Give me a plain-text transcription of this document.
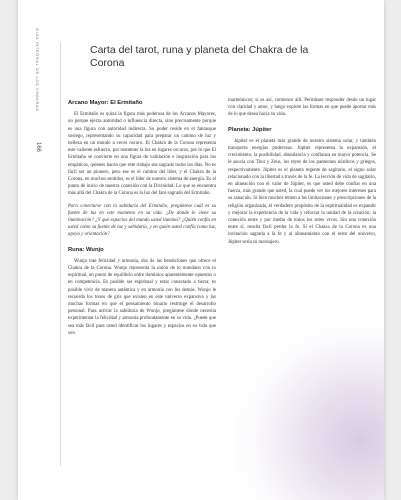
GUÍA INTEGRAL DE LOS CHAKRAS
166
Carta del tarot, runa y planeta del Chakra de la Corona
Arcano Mayor: El Ermitaño

El Ermitaño es quizá la figura más poderosa de los Arcanos Mayores, no porque ejerza autoridad o influencia directa, sino precisamente porque es una figura con autoridad indirecta. Su poder reside en el fantasque sosiego, representando su capacidad para preparar un camino de luz y belleza en un mundo a veces oscuro. El Chakra de la Corona representa este valiente esfuerzo, por mantener la luz en lugares oscuros, por lo que El Ermitaño se convierte en una figura de validación e inspiración para los empáticos, quienes hacen que este trabajo sea sagrado todos los días. No es fácil ser un pionero, pero ese es el camino del líder, y el Chakra de la Corona, en muchos sentidos, es el líder de nuestro sistema de energía. Es el punto de inicio de nuestra conexión con la Divinidad. Lo que se encuentra más allá del Chakra de la Corona es la luz del faro sagrado del Ermitaño.

Para conectarse con la sabiduría del Ermitaño, pregúntese cuál es su fuente de luz en este momento en su vida. ¿De dónde le viene su iluminación? ¿Y qué espacios del mundo usted ilumina? ¿Quién confía en usted como su fuente de luz y sabiduría, y en quién usted confía como luz, apoyo y orientación?

Runa: Wunjo

Wunjo trae felicidad y armonía, dos de las bendiciones que ofrece el Chakra de la Corona. Wunjo representa la unión de lo mundano con lo espiritual, un punto de equilibrio entre dominios aparentemente opuestos o en competencia. Es posible ser espiritual y estar conectado a tierra; es posible vivir de manera auténtica y en armonía con los demás. Wunjo le recuerda los tonos de gris que existen en este universo expansivo y las muchas formas en que el pensamiento binario restringe el desarrollo personal. Para activar la sabiduría de Wunjo, pregúntese dónde necesita experimentar la felicidad y armonía profundamente en su vida. ¿Puede que sea más fácil para usted identificar los lugares y espacios en su vida que son

inarmónicos; si es así, comience allí. Permítase responder desde un lugar con claridad y amor, y luego explore las formas en que puede aportar más de lo que desea hacia su vida.

Planeta: Júpiter

Júpiter es el planeta más grande de nuestro sistema solar, y también transporta energías poderosas. Júpiter representa la expansión, el crecimiento, la posibilidad, abundancia y confianza en mayor potencia. Se le asocia con Thor y Zeus, los reyes de los panteones nórdicos y griegos, respectivamente. Júpiter es el planeta regente de sagitario, el signo solar relacionado con la libertad a través de la fe. La lección de vida de sagitario, en alineación con el valor de Júpiter, es que usted debe confiar en una fuerza, más grande que usted, la cual puede ver los mejores intereses para su sanación. Si bien muchos temen a las limitaciones y prescripciones de la religión organizada, el verdadero propósito de la espiritualidad es expandir y mejorar la experiencia de la vida y reforzar la unidad de la creación; la conexión entre y por medio de todos los seres vivos. Sin una conexión entre sí, resulta fácil perder la fe. Si el Chakra de la Corona es una invitación sagrada a la fe y al alineamiento con el resto del universo, Júpiter sería su mensajero.
